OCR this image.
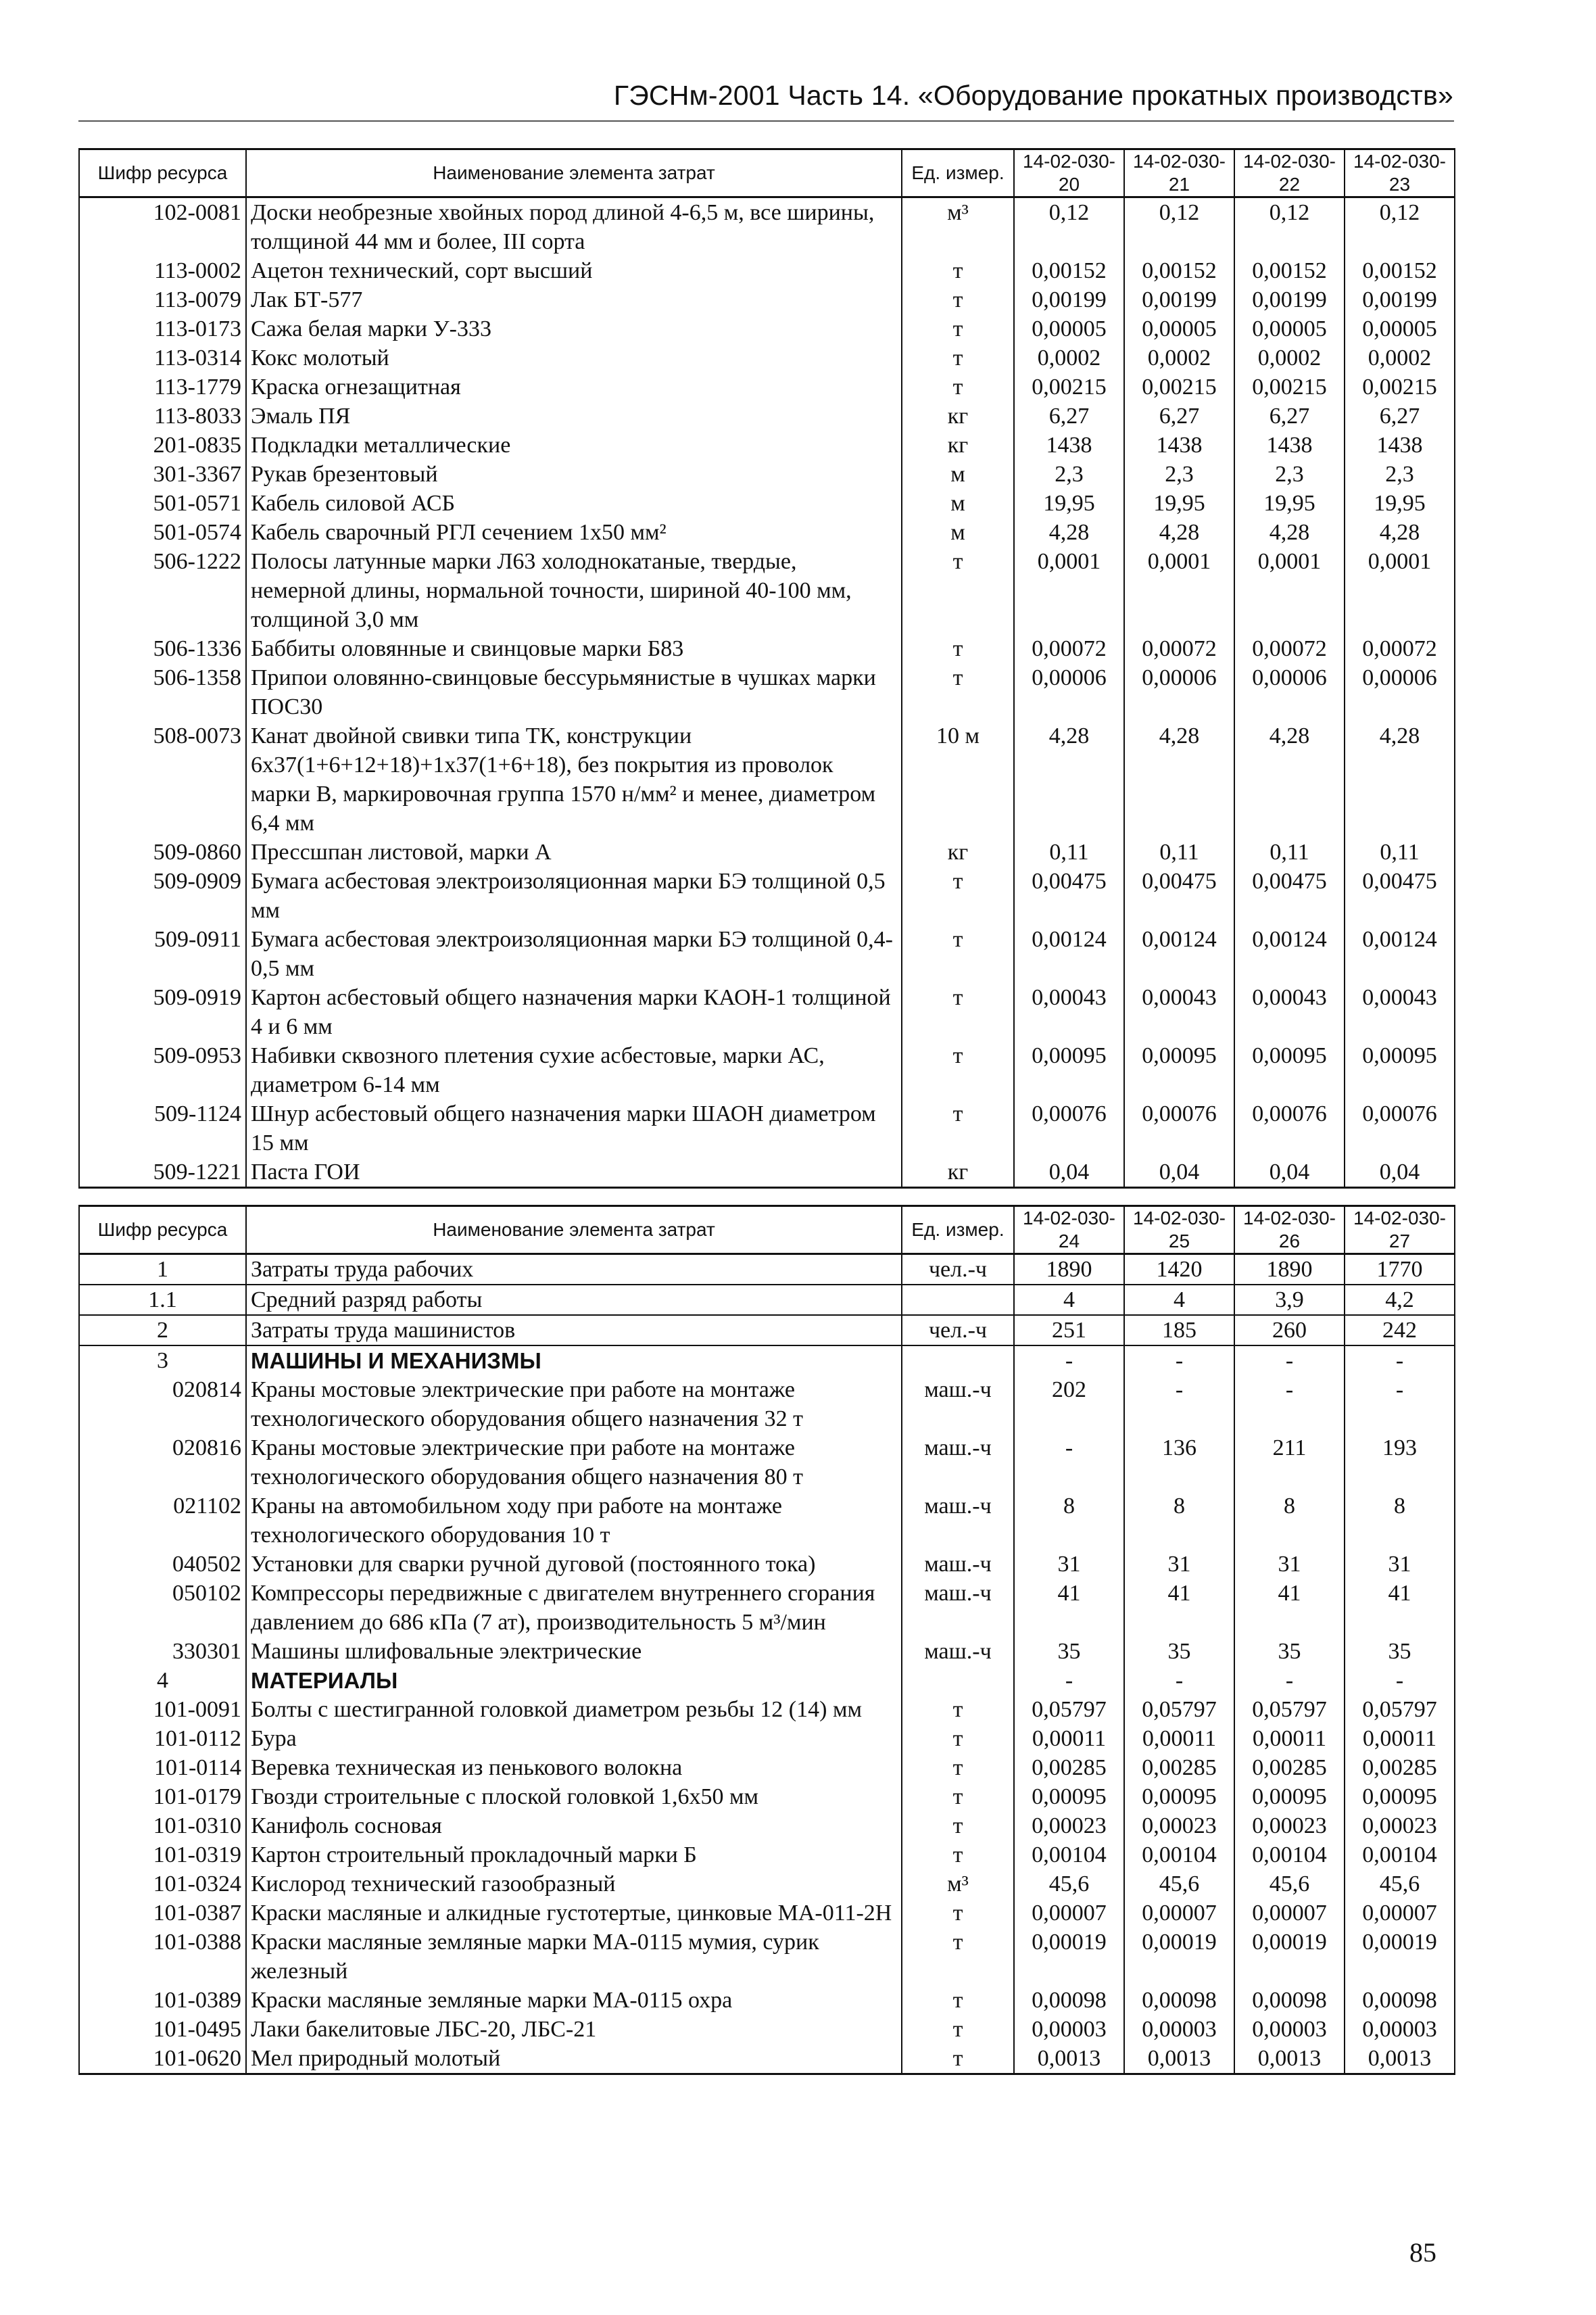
ГЭСНм-2001 Часть 14. «Оборудование прокатных производств»
Шифр ресурса	Наименование элемента затрат	Ед. измер.	14-02-030-20	14-02-030-21	14-02-030-22	14-02-030-23
102-0081	Доски необрезные хвойных пород длиной 4-6,5 м, все ширины, толщиной 44 мм и более, III сорта	м³	0,12	0,12	0,12	0,12
113-0002	Ацетон технический, сорт высший	т	0,00152	0,00152	0,00152	0,00152
113-0079	Лак БТ-577	т	0,00199	0,00199	0,00199	0,00199
113-0173	Сажа белая марки У-333	т	0,00005	0,00005	0,00005	0,00005
113-0314	Кокс молотый	т	0,0002	0,0002	0,0002	0,0002
113-1779	Краска огнезащитная	т	0,00215	0,00215	0,00215	0,00215
113-8033	Эмаль ПЯ	кг	6,27	6,27	6,27	6,27
201-0835	Подкладки металлические	кг	1438	1438	1438	1438
301-3367	Рукав брезентовый	м	2,3	2,3	2,3	2,3
501-0571	Кабель силовой АСБ	м	19,95	19,95	19,95	19,95
501-0574	Кабель сварочный РГЛ сечением 1х50 мм²	м	4,28	4,28	4,28	4,28
506-1222	Полосы латунные марки Л63 холоднокатаные, твердые, немерной длины, нормальной точности, шириной 40-100 мм, толщиной 3,0 мм	т	0,0001	0,0001	0,0001	0,0001
506-1336	Баббиты оловянные и свинцовые марки Б83	т	0,00072	0,00072	0,00072	0,00072
506-1358	Припои оловянно-свинцовые бессурьмянистые в чушках марки ПОС30	т	0,00006	0,00006	0,00006	0,00006
508-0073	Канат двойной свивки типа ТК, конструкции 6х37(1+6+12+18)+1х37(1+6+18), без покрытия из проволок марки В, маркировочная группа 1570 н/мм² и менее, диаметром 6,4 мм	10 м	4,28	4,28	4,28	4,28
509-0860	Прессшпан листовой, марки А	кг	0,11	0,11	0,11	0,11
509-0909	Бумага асбестовая электроизоляционная марки БЭ толщиной 0,5 мм	т	0,00475	0,00475	0,00475	0,00475
509-0911	Бумага асбестовая электроизоляционная марки БЭ толщиной 0,4-0,5 мм	т	0,00124	0,00124	0,00124	0,00124
509-0919	Картон асбестовый общего назначения марки КАОН-1 толщиной 4 и 6 мм	т	0,00043	0,00043	0,00043	0,00043
509-0953	Набивки сквозного плетения сухие асбестовые, марки АС, диаметром 6-14 мм	т	0,00095	0,00095	0,00095	0,00095
509-1124	Шнур асбестовый общего назначения марки ШАОН диаметром 15 мм	т	0,00076	0,00076	0,00076	0,00076
509-1221	Паста ГОИ	кг	0,04	0,04	0,04	0,04
Шифр ресурса	Наименование элемента затрат	Ед. измер.	14-02-030-24	14-02-030-25	14-02-030-26	14-02-030-27
1	Затраты труда рабочих	чел.-ч	1890	1420	1890	1770
1.1	Средний разряд работы		4	4	3,9	4,2
2	Затраты труда машинистов	чел.-ч	251	185	260	242
3	МАШИНЫ И МЕХАНИЗМЫ		-	-	-	-
020814	Краны мостовые электрические при работе на монтаже технологического оборудования общего назначения 32 т	маш.-ч	202	-	-	-
020816	Краны мостовые электрические при работе на монтаже технологического оборудования общего назначения 80 т	маш.-ч	-	136	211	193
021102	Краны на автомобильном ходу при работе на монтаже технологического оборудования 10 т	маш.-ч	8	8	8	8
040502	Установки для сварки ручной дуговой (постоянного тока)	маш.-ч	31	31	31	31
050102	Компрессоры передвижные с двигателем внутреннего сгорания давлением до 686 кПа (7 ат), производительность 5 м³/мин	маш.-ч	41	41	41	41
330301	Машины шлифовальные электрические	маш.-ч	35	35	35	35
4	МАТЕРИАЛЫ		-	-	-	-
101-0091	Болты с шестигранной головкой диаметром резьбы 12 (14) мм	т	0,05797	0,05797	0,05797	0,05797
101-0112	Бура	т	0,00011	0,00011	0,00011	0,00011
101-0114	Веревка техническая из пенькового волокна	т	0,00285	0,00285	0,00285	0,00285
101-0179	Гвозди строительные с плоской головкой 1,6х50 мм	т	0,00095	0,00095	0,00095	0,00095
101-0310	Канифоль сосновая	т	0,00023	0,00023	0,00023	0,00023
101-0319	Картон строительный прокладочный марки Б	т	0,00104	0,00104	0,00104	0,00104
101-0324	Кислород технический газообразный	м³	45,6	45,6	45,6	45,6
101-0387	Краски масляные и алкидные густотертые, цинковые МА-011-2Н	т	0,00007	0,00007	0,00007	0,00007
101-0388	Краски масляные земляные марки МА-0115 мумия, сурик железный	т	0,00019	0,00019	0,00019	0,00019
101-0389	Краски масляные земляные марки МА-0115 охра	т	0,00098	0,00098	0,00098	0,00098
101-0495	Лаки бакелитовые ЛБС-20, ЛБС-21	т	0,00003	0,00003	0,00003	0,00003
101-0620	Мел природный молотый	т	0,0013	0,0013	0,0013	0,0013
85
